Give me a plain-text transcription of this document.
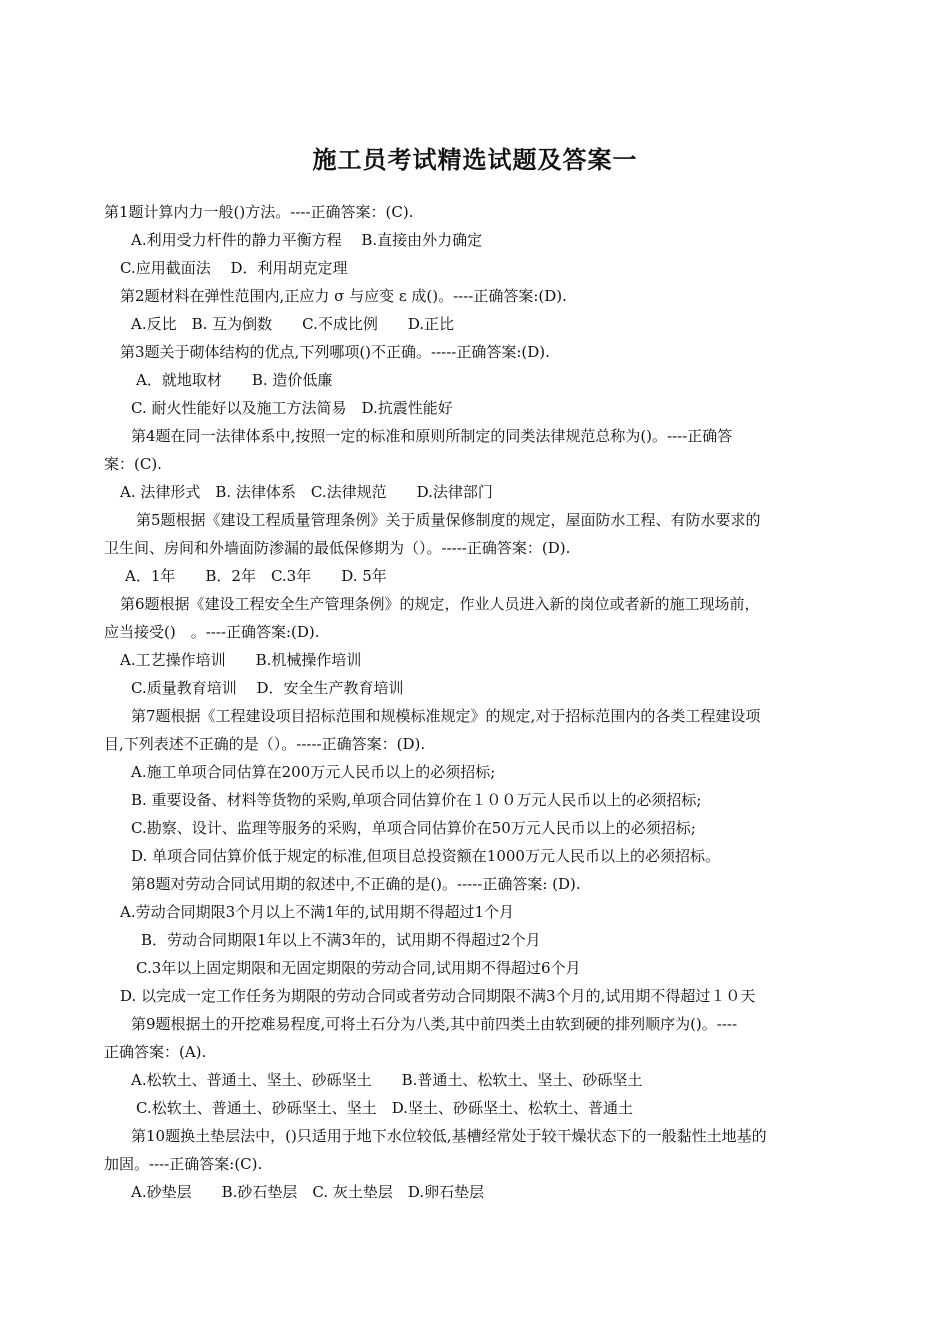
施工员考试精选试题及答案一
第1题计算内力一般()方法。----正确答案：(C).
A.利用受力杆件的静力平衡方程　 B.直接由外力确定
C.应用截面法　 D．利用胡克定理
第2题材料在弹性范围内,正应力 σ 与应变 ε 成()。----正确答案:(D).
A.反比　B. 互为倒数　　C.不成比例　　D.正比
第3题关于砌体结构的优点,下列哪项()不正确。-----正确答案:(D).
A．就地取材　　B. 造价低廉
C. 耐火性能好以及施工方法简易　D.抗震性能好
第4题在同一法律体系中,按照一定的标准和原则所制定的同类法律规范总称为()。----正确答
案：(C).
A. 法律形式　B. 法律体系　C.法律规范　　D.法律部门
第5题根据《建设工程质量管理条例》关于质量保修制度的规定，屋面防水工程、有防水要求的
卫生间、房间和外墙面防渗漏的最低保修期为（）。-----正确答案：(D).
A．1年　　B．2年　C.3年　　D. 5年
第6题根据《建设工程安全生产管理条例》的规定，作业人员进入新的岗位或者新的施工现场前，
应当接受()　。----正确答案:(D).
A.工艺操作培训　　B.机械操作培训
C.质量教育培训　 D．安全生产教育培训
第7题根据《工程建设项目招标范围和规模标准规定》的规定,对于招标范围内的各类工程建设项
目,下列表述不正确的是（）。-----正确答案：(D).
A.施工单项合同估算在200万元人民币以上的必须招标;
B. 重要设备、材料等货物的采购,单项合同估算价在１００万元人民币以上的必须招标;
C.勘察、设计、监理等服务的采购，单项合同估算价在50万元人民币以上的必须招标;
D. 单项合同估算价低于规定的标准,但项目总投资额在1000万元人民币以上的必须招标。
第8题对劳动合同试用期的叙述中,不正确的是()。-----正确答案: (D).
A.劳动合同期限3个月以上不满1年的,试用期不得超过1个月
B．劳动合同期限1年以上不满3年的，试用期不得超过2个月
C.3年以上固定期限和无固定期限的劳动合同,试用期不得超过6个月
D. 以完成一定工作任务为期限的劳动合同或者劳动合同期限不满3个月的,试用期不得超过１０天
第9题根据土的开挖难易程度,可将土石分为八类,其中前四类土由软到硬的排列顺序为()。----
正确答案：(A).
A.松软土、普通土、坚土、砂砾坚土　　B.普通土、松软土、坚土、砂砾坚土
C.松软土、普通土、砂砾坚土、坚土　D.坚土、砂砾坚土、松软土、普通土
第10题换土垫层法中，()只适用于地下水位较低,基槽经常处于较干燥状态下的一般黏性土地基的
加固。----正确答案:(C).
A.砂垫层　　B.砂石垫层　C. 灰土垫层　D.卵石垫层
